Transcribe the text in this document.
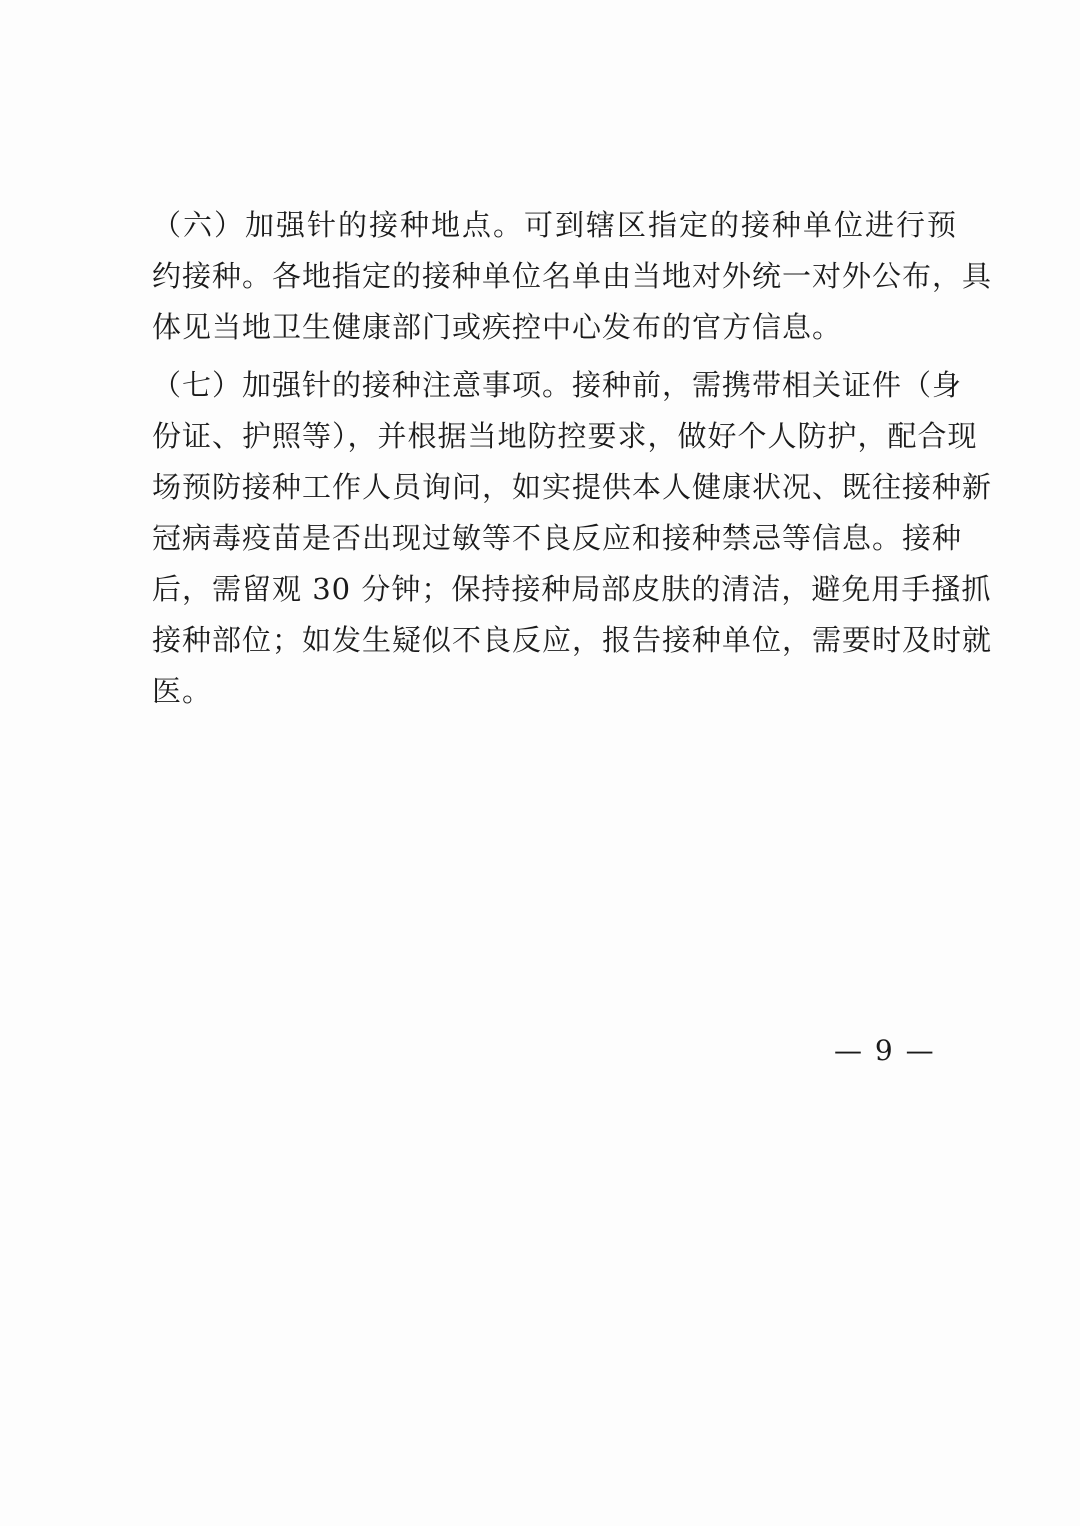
（六）加强针的接种地点。可到辖区指定的接种单位进行预
约接种。各地指定的接种单位名单由当地对外统一对外公布，具
体见当地卫生健康部门或疾控中心发布的官方信息。
（七）加强针的接种注意事项。接种前，需携带相关证件（身
份证、护照等），并根据当地防控要求，做好个人防护，配合现
场预防接种工作人员询问，如实提供本人健康状况、既往接种新
冠病毒疫苗是否出现过敏等不良反应和接种禁忌等信息。接种
后，需留观 30 分钟；保持接种局部皮肤的清洁，避免用手搔抓
接种部位；如发生疑似不良反应，报告接种单位，需要时及时就
医。
— 9 —
